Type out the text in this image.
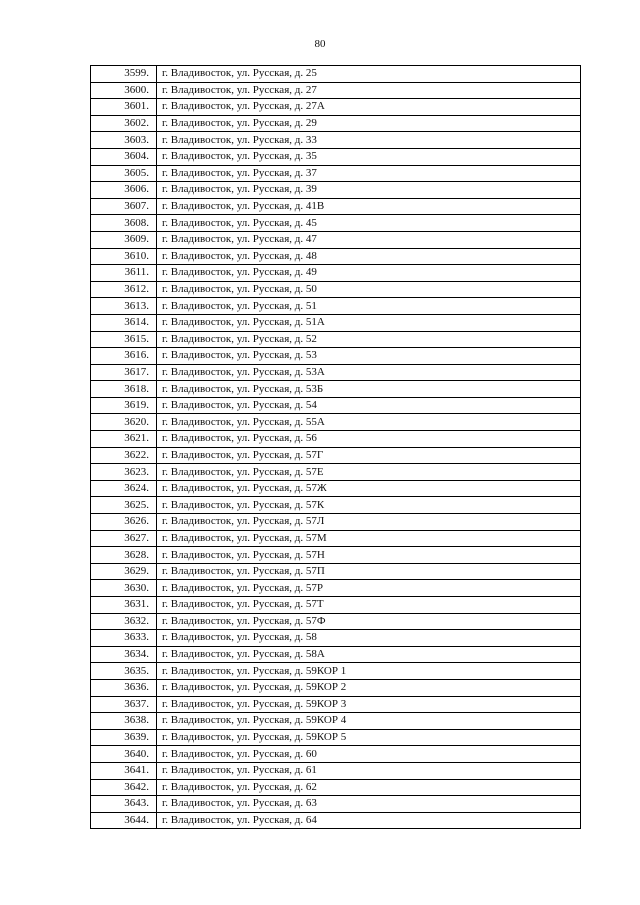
80
3599.	г. Владивосток, ул. Русская, д. 25
3600.	г. Владивосток, ул. Русская, д. 27
3601.	г. Владивосток, ул. Русская, д. 27А
3602.	г. Владивосток, ул. Русская, д. 29
3603.	г. Владивосток, ул. Русская, д. 33
3604.	г. Владивосток, ул. Русская, д. 35
3605.	г. Владивосток, ул. Русская, д. 37
3606.	г. Владивосток, ул. Русская, д. 39
3607.	г. Владивосток, ул. Русская, д. 41В
3608.	г. Владивосток, ул. Русская, д. 45
3609.	г. Владивосток, ул. Русская, д. 47
3610.	г. Владивосток, ул. Русская, д. 48
3611.	г. Владивосток, ул. Русская, д. 49
3612.	г. Владивосток, ул. Русская, д. 50
3613.	г. Владивосток, ул. Русская, д. 51
3614.	г. Владивосток, ул. Русская, д. 51А
3615.	г. Владивосток, ул. Русская, д. 52
3616.	г. Владивосток, ул. Русская, д. 53
3617.	г. Владивосток, ул. Русская, д. 53А
3618.	г. Владивосток, ул. Русская, д. 53Б
3619.	г. Владивосток, ул. Русская, д. 54
3620.	г. Владивосток, ул. Русская, д. 55А
3621.	г. Владивосток, ул. Русская, д. 56
3622.	г. Владивосток, ул. Русская, д. 57Г
3623.	г. Владивосток, ул. Русская, д. 57Е
3624.	г. Владивосток, ул. Русская, д. 57Ж
3625.	г. Владивосток, ул. Русская, д. 57К
3626.	г. Владивосток, ул. Русская, д. 57Л
3627.	г. Владивосток, ул. Русская, д. 57М
3628.	г. Владивосток, ул. Русская, д. 57Н
3629.	г. Владивосток, ул. Русская, д. 57П
3630.	г. Владивосток, ул. Русская, д. 57Р
3631.	г. Владивосток, ул. Русская, д. 57Т
3632.	г. Владивосток, ул. Русская, д. 57Ф
3633.	г. Владивосток, ул. Русская, д. 58
3634.	г. Владивосток, ул. Русская, д. 58А
3635.	г. Владивосток, ул. Русская, д. 59КОР 1
3636.	г. Владивосток, ул. Русская, д. 59КОР 2
3637.	г. Владивосток, ул. Русская, д. 59КОР 3
3638.	г. Владивосток, ул. Русская, д. 59КОР 4
3639.	г. Владивосток, ул. Русская, д. 59КОР 5
3640.	г. Владивосток, ул. Русская, д. 60
3641.	г. Владивосток, ул. Русская, д. 61
3642.	г. Владивосток, ул. Русская, д. 62
3643.	г. Владивосток, ул. Русская, д. 63
3644.	г. Владивосток, ул. Русская, д. 64
